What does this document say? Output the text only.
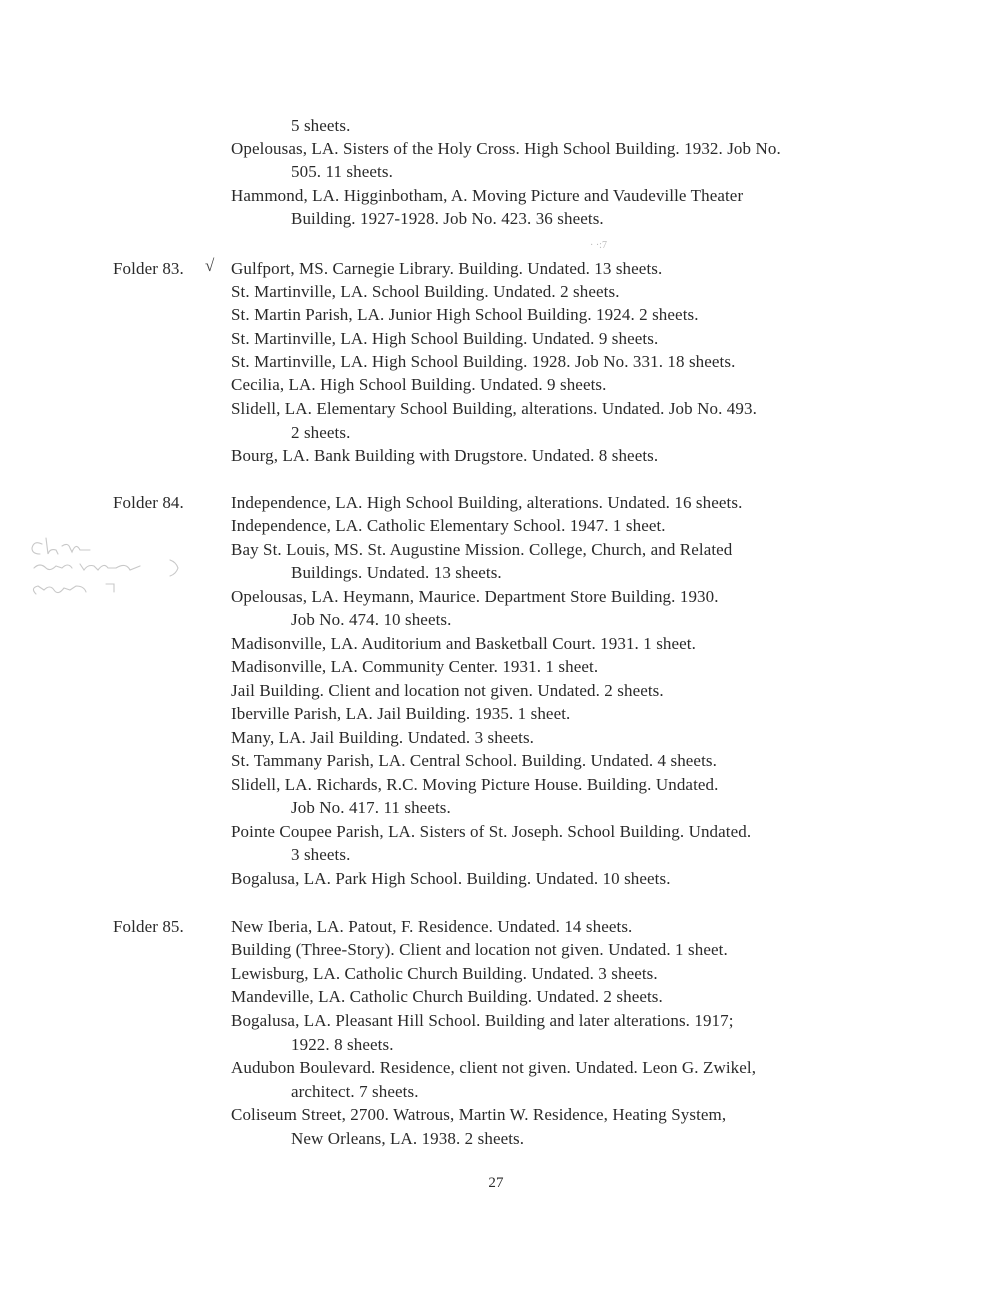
5 sheets.
Opelousas, LA. Sisters of the Holy Cross. High School Building. 1932. Job No.
505. 11 sheets.
Hammond, LA. Higginbotham, A. Moving Picture and Vaudeville Theater
Building. 1927-1928. Job No. 423. 36 sheets.
· ·:7
Folder 83. √ Gulfport, MS. Carnegie Library. Building. Undated. 13 sheets.
St. Martinville, LA. School Building. Undated. 2 sheets.
St. Martin Parish, LA. Junior High School Building. 1924. 2 sheets.
St. Martinville, LA. High School Building. Undated. 9 sheets.
St. Martinville, LA. High School Building. 1928. Job No. 331. 18 sheets.
Cecilia, LA. High School Building. Undated. 9 sheets.
Slidell, LA. Elementary School Building, alterations. Undated. Job No. 493.
2 sheets.
Bourg, LA. Bank Building with Drugstore. Undated. 8 sheets.
Folder 84.	Independence, LA. High School Building, alterations. Undated. 16 sheets.
Independence, LA. Catholic Elementary School. 1947. 1 sheet.
Bay St. Louis, MS. St. Augustine Mission. College, Church, and Related
Buildings. Undated. 13 sheets.
Opelousas, LA. Heymann, Maurice. Department Store Building. 1930.
Job No. 474. 10 sheets.
Madisonville, LA. Auditorium and Basketball Court. 1931. 1 sheet.
Madisonville, LA. Community Center. 1931. 1 sheet.
Jail Building. Client and location not given. Undated. 2 sheets.
Iberville Parish, LA. Jail Building. 1935. 1 sheet.
Many, LA. Jail Building. Undated. 3 sheets.
St. Tammany Parish, LA. Central School. Building. Undated. 4 sheets.
Slidell, LA. Richards, R.C. Moving Picture House. Building. Undated.
Job No. 417. 11 sheets.
Pointe Coupee Parish, LA. Sisters of St. Joseph. School Building. Undated.
3 sheets.
Bogalusa, LA. Park High School. Building. Undated. 10 sheets.
Folder 85.	New Iberia, LA. Patout, F. Residence. Undated. 14 sheets.
Building (Three-Story). Client and location not given. Undated. 1 sheet.
Lewisburg, LA. Catholic Church Building. Undated. 3 sheets.
Mandeville, LA. Catholic Church Building. Undated. 2 sheets.
Bogalusa, LA. Pleasant Hill School. Building and later alterations. 1917;
1922. 8 sheets.
Audubon Boulevard. Residence, client not given. Undated. Leon G. Zwikel,
architect. 7 sheets.
Coliseum Street, 2700. Watrous, Martin W. Residence, Heating System,
New Orleans, LA. 1938. 2 sheets.
27
